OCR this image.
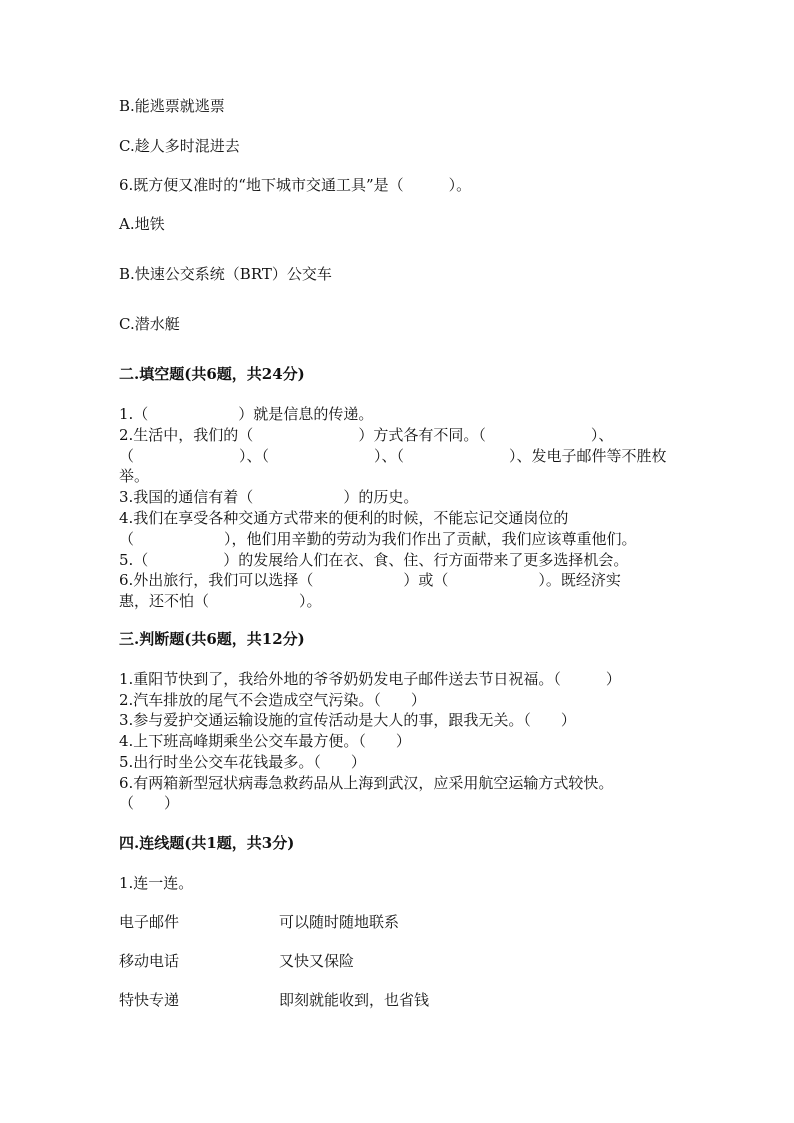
B.能逃票就逃票
C.趁人多时混进去
6.既方便又准时的“地下城市交通工具”是（　　　）。
A.地铁
B.快速公交系统（BRT）公交车
C.潜水艇
二.填空题(共6题，共24分)
1.（　　　　　　）就是信息的传递。
2.生活中，我们的（　　　　　　　）方式各有不同。（　　　　　　　）、
（　　　　　　　）、（　　　　　　　）、（　　　　　　　）、发电子邮件等不胜枚
举。
3.我国的通信有着（　　　　　　）的历史。
4.我们在享受各种交通方式带来的便利的时候，不能忘记交通岗位的
（　　　　　　），他们用辛勤的劳动为我们作出了贡献，我们应该尊重他们。
5.（　　　　　）的发展给人们在衣、食、住、行方面带来了更多选择机会。
6.外出旅行，我们可以选择（　　　　　　）或（　　　　　　）。既经济实
惠，还不怕（　　　　　　）。
三.判断题(共6题，共12分)
1.重阳节快到了，我给外地的爷爷奶奶发电子邮件送去节日祝福。（　　　）
2.汽车排放的尾气不会造成空气污染。（　　）
3.参与爱护交通运输设施的宣传活动是大人的事，跟我无关。（　　）
4.上下班高峰期乘坐公交车最方便。（　　）
5.出行时坐公交车花钱最多。（　　）
6.有两箱新型冠状病毒急救药品从上海到武汉，应采用航空运输方式较快。
（　　）
四.连线题(共1题，共3分)
1.连一连。
电子邮件	可以随时随地联系
移动电话	又快又保险
特快专递	即刻就能收到，也省钱
